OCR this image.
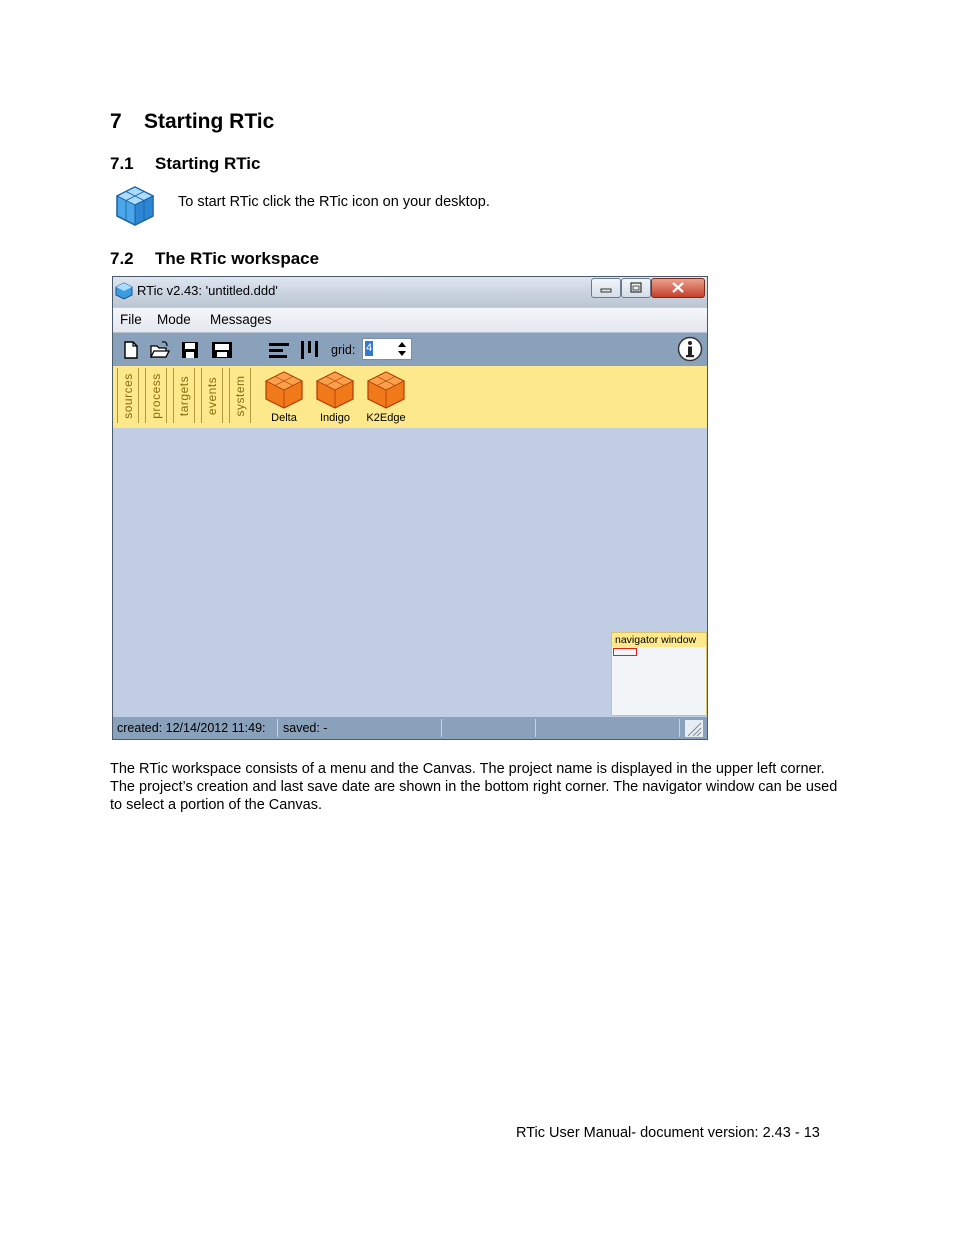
7 Starting RTic
7.1 Starting RTic
To start RTic click the RTic icon on your desktop.
7.2 The RTic workspace
RTic v2.43: 'untitled.ddd'
File Mode Messages
grid: 4
sources process targets events system
Delta	Indigo	K2Edge
navigator window
created: 12/14/2012 11:49:	saved: -
The RTic workspace consists of a menu and the Canvas. The project name is displayed in the upper left corner. The project’s creation and last save date are shown in the bottom right corner. The navigator window can be used to select a portion of the Canvas.
RTic User Manual- document version: 2.43 - 13
